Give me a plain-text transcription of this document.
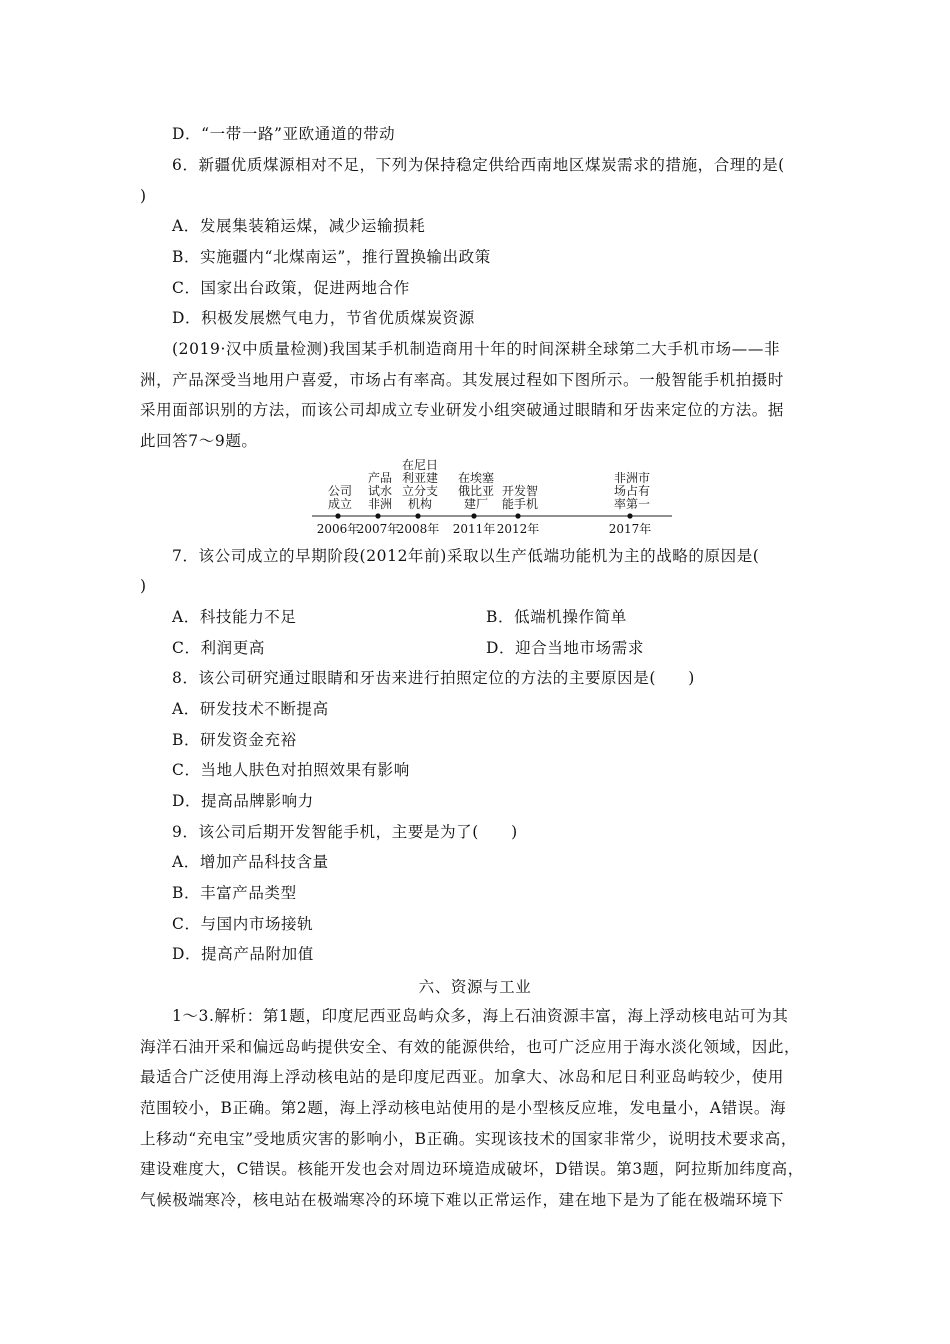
D．“一带一路”亚欧通道的带动
6．新疆优质煤源相对不足，下列为保持稳定供给西南地区煤炭需求的措施，合理的是(
)
A．发展集装箱运煤，减少运输损耗
B．实施疆内“北煤南运”，推行置换输出政策
C．国家出台政策，促进两地合作
D．积极发展燃气电力，节省优质煤炭资源
(2019·汉中质量检测)我国某手机制造商用十年的时间深耕全球第二大手机市场——非
洲，产品深受当地用户喜爱，市场占有率高。其发展过程如下图所示。一般智能手机拍摄时
采用面部识别的方法，而该公司却成立专业研发小组突破通过眼睛和牙齿来定位的方法。据
此回答7～9题。
2006年
公司
成立
2007年
产品
试水
非洲
2008年
在尼日
利亚建
立分支
机构
2011年
在埃塞
俄比亚
建厂
2012年
开发智
能手机
2017年
非洲市
场占有
率第一
7．该公司成立的早期阶段(2012年前)采取以生产低端功能机为主的战略的原因是(
)
A．科技能力不足	B．低端机操作简单
C．利润更高	D．迎合当地市场需求
8．该公司研究通过眼睛和牙齿来进行拍照定位的方法的主要原因是(　　)
A．研发技术不断提高
B．研发资金充裕
C．当地人肤色对拍照效果有影响
D．提高品牌影响力
9．该公司后期开发智能手机，主要是为了(　　)
A．增加产品科技含量
B．丰富产品类型
C．与国内市场接轨
D．提高产品附加值
六、资源与工业
1～3.解析：第1题，印度尼西亚岛屿众多，海上石油资源丰富，海上浮动核电站可为其
海洋石油开采和偏远岛屿提供安全、有效的能源供给，也可广泛应用于海水淡化领域，因此，
最适合广泛使用海上浮动核电站的是印度尼西亚。加拿大、冰岛和尼日利亚岛屿较少，使用
范围较小，B正确。第2题，海上浮动核电站使用的是小型核反应堆，发电量小，A错误。海
上移动“充电宝”受地质灾害的影响小，B正确。实现该技术的国家非常少，说明技术要求高，
建设难度大，C错误。核能开发也会对周边环境造成破坏，D错误。第3题，阿拉斯加纬度高，
气候极端寒冷，核电站在极端寒冷的环境下难以正常运作，建在地下是为了能在极端环境下
